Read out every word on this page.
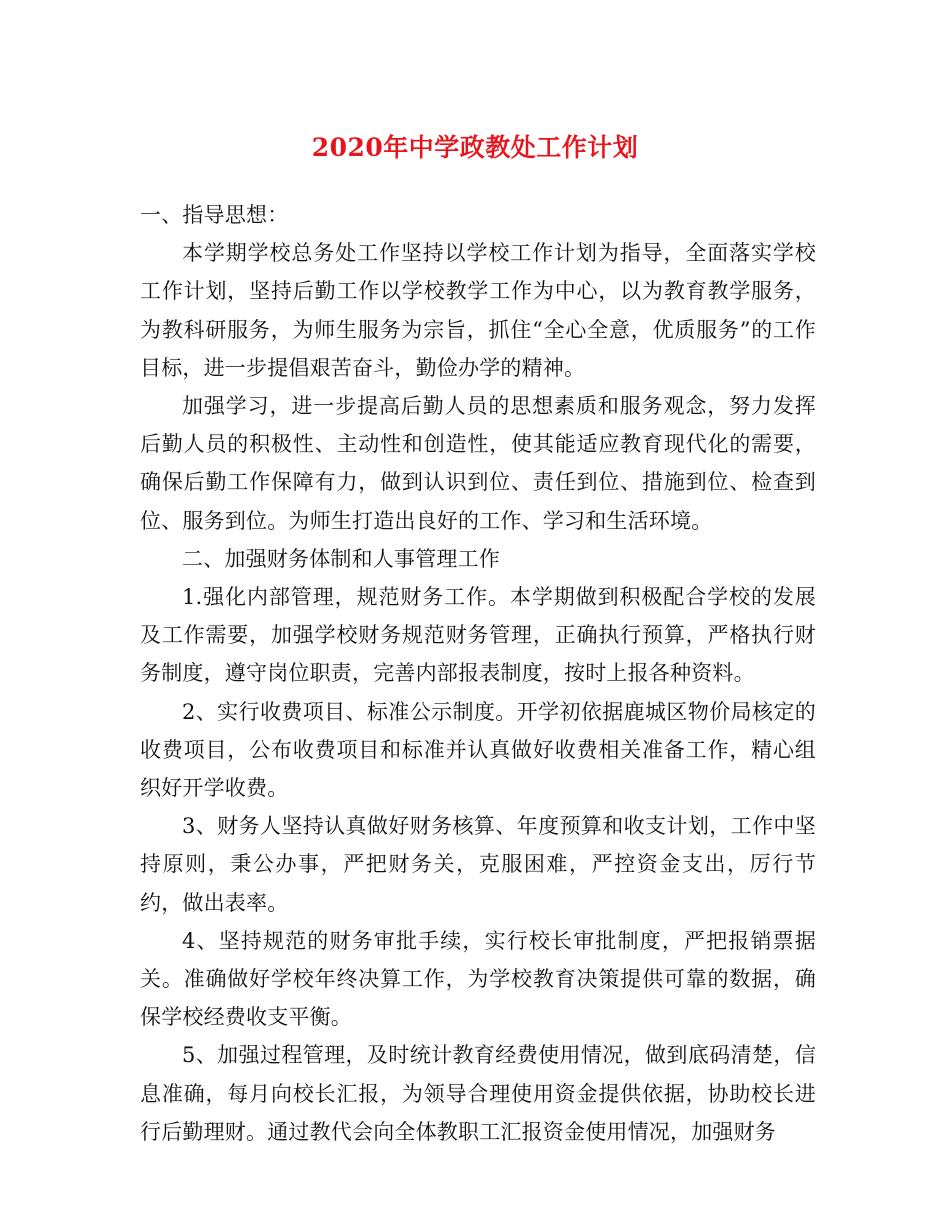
2020年中学政教处工作计划

一、指导思想：

本学期学校总务处工作坚持以学校工作计划为指导，全面落实学校工作计划，坚持后勤工作以学校教学工作为中心，以为教育教学服务，为教科研服务，为师生服务为宗旨，抓住“全心全意，优质服务”的工作目标，进一步提倡艰苦奋斗，勤俭办学的精神。

加强学习，进一步提高后勤人员的思想素质和服务观念，努力发挥后勤人员的积极性、主动性和创造性，使其能适应教育现代化的需要，确保后勤工作保障有力，做到认识到位、责任到位、措施到位、检查到位、服务到位。为师生打造出良好的工作、学习和生活环境。

二、加强财务体制和人事管理工作

1.强化内部管理，规范财务工作。本学期做到积极配合学校的发展及工作需要，加强学校财务规范财务管理，正确执行预算，严格执行财务制度，遵守岗位职责，完善内部报表制度，按时上报各种资料。

2、实行收费项目、标准公示制度。开学初依据鹿城区物价局核定的收费项目，公布收费项目和标准并认真做好收费相关准备工作，精心组织好开学收费。

3、财务人坚持认真做好财务核算、年度预算和收支计划，工作中坚持原则，秉公办事，严把财务关，克服困难，严控资金支出，厉行节约，做出表率。

4、坚持规范的财务审批手续，实行校长审批制度，严把报销票据关。准确做好学校年终决算工作，为学校教育决策提供可靠的数据，确保学校经费收支平衡。

5、加强过程管理，及时统计教育经费使用情况，做到底码清楚，信息准确，每月向校长汇报，为领导合理使用资金提供依据，协助校长进行后勤理财。通过教代会向全体教职工汇报资金使用情况，加强财务
